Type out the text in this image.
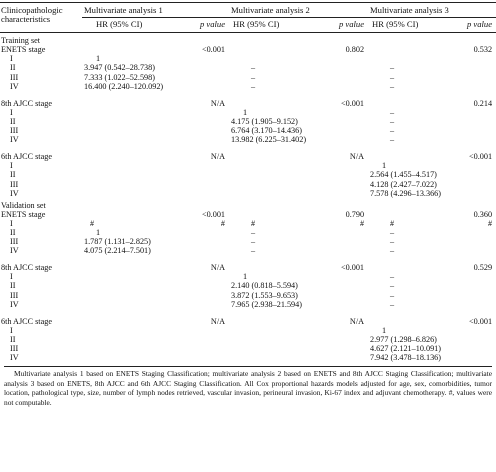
Clinicopathologic characteristics	Multivariate analysis 1		Multivariate analysis 2		Multivariate analysis 3	
	HR (95% CI)	p value	HR (95% CI)	p value	HR (95% CI)	p value
Training set						
ENETS stage		<0.001		0.802		0.532
I	1					
II	3.947 (0.542–28.738)		–		–	
III	7.333 (1.022–52.598)		–		–	
IV	16.400 (2.240–120.092)		–		–	
8th AJCC stage		N/A		<0.001		0.214
I			1		–	
II			4.175 (1.905–9.152)		–	
III			6.764 (3.170–14.436)		–	
IV			13.982 (6.225–31.402)		–	
6th AJCC stage		N/A		N/A		<0.001
I					1	
II					2.564 (1.455–4.517)	
III					4.128 (2.427–7.022)	
IV					7.578 (4.296–13.366)	
Validation set						
ENETS stage		<0.001		0.790		0.360
I	#	#	#	#	#	#
II	1		–		–	
III	1.787 (1.131–2.825)		–		–	
IV	4.075 (2.214–7.501)		–		–	
8th AJCC stage		N/A		<0.001		0.529
I			1		–	
II			2.140 (0.818–5.594)		–	
III			3.872 (1.553–9.653)		–	
IV			7.965 (2.938–21.594)		–	
6th AJCC stage		N/A		N/A		<0.001
I					1	
II					2.977 (1.298–6.826)	
III					4.627 (2.121–10.091)	
IV					7.942 (3.478–18.136)	
Multivariate analysis 1 based on ENETS Staging Classification; multivariate analysis 2 based on ENETS and 8th AJCC Staging Classification; multivariate analysis 3 based on ENETS, 8th AJCC and 6th AJCC Staging Classification. All Cox proportional hazards models adjusted for age, sex, comorbidities, tumor location, pathological type, size, number of lymph nodes retrieved, vascular invasion, perineural invasion, Ki-67 index and adjuvant chemotherapy. #, values were not computable.
